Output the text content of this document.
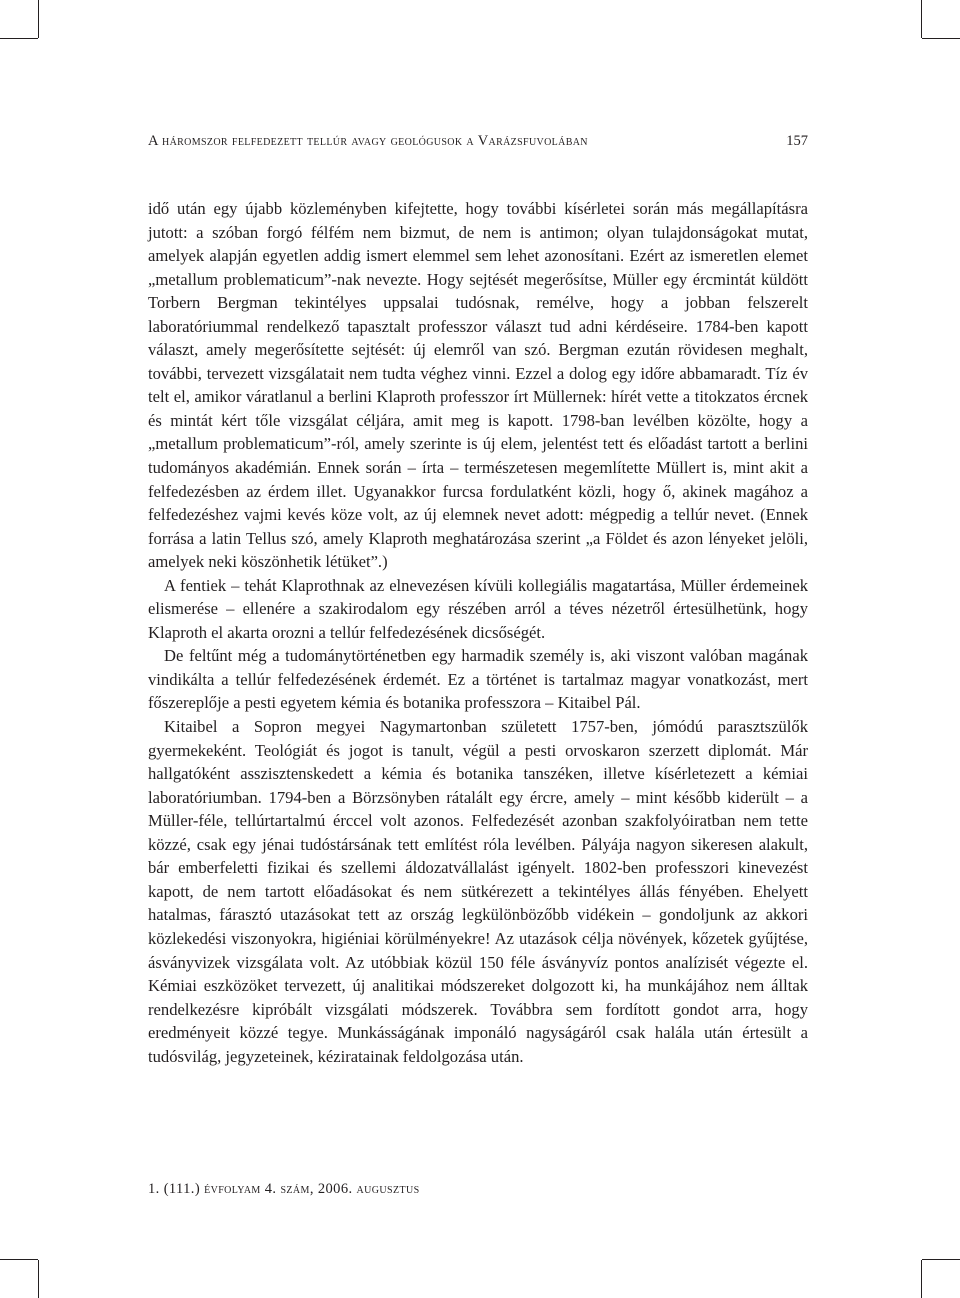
A háromszor felfedezett tellúr avagy geológusok a Varázsfuvolában	157

idő után egy újabb közleményben kifejtette, hogy további kísérletei során más megállapításra jutott: a szóban forgó félfém nem bizmut, de nem is antimon; olyan tulajdonságokat mutat, amelyek alapján egyetlen addig ismert elemmel sem lehet azonosítani. Ezért az ismeretlen elemet „metallum problematicum”-nak nevezte. Hogy sejtését megerősítse, Müller egy ércmintát küldött Torbern Bergman tekintélyes uppsalai tudósnak, remélve, hogy a jobban felszerelt laboratóriummal rendelkező tapasztalt professzor választ tud adni kérdéseire. 1784-ben kapott választ, amely megerősítette sejtését: új elemről van szó. Bergman ezután rövidesen meghalt, további, tervezett vizsgálatait nem tudta véghez vinni. Ezzel a dolog egy időre abbamaradt. Tíz év telt el, amikor váratlanul a berlini Klaproth professzor írt Müllernek: hírét vette a titokzatos ércnek és mintát kért tőle vizsgálat céljára, amit meg is kapott. 1798-ban levélben közölte, hogy a „metallum problematicum”-ról, amely szerinte is új elem, jelentést tett és előadást tartott a berlini tudományos akadémián. Ennek során – írta – természetesen megemlítette Müllert is, mint akit a felfedezésben az érdem illet. Ugyanakkor furcsa fordulatként közli, hogy ő, akinek magához a felfedezéshez vajmi kevés köze volt, az új elemnek nevet adott: mégpedig a tellúr nevet. (Ennek forrása a latin Tellus szó, amely Klaproth meghatározása szerint „a Földet és azon lényeket jelöli, amelyek neki köszönhetik létüket”.)

A fentiek – tehát Klaprothnak az elnevezésen kívüli kollegiális magatartása, Müller érdemeinek elismerése – ellenére a szakirodalom egy részében arról a téves nézetről értesülhetünk, hogy Klaproth el akarta orozni a tellúr felfedezésének dicsőségét.

De feltűnt még a tudománytörténetben egy harmadik személy is, aki viszont valóban magának vindikálta a tellúr felfedezésének érdemét. Ez a történet is tartalmaz magyar vonatkozást, mert főszereplője a pesti egyetem kémia és botanika professzora – Kitaibel Pál.

Kitaibel a Sopron megyei Nagymartonban született 1757-ben, jómódú parasztszülők gyermekeként. Teológiát és jogot is tanult, végül a pesti orvoskaron szerzett diplomát. Már hallgatóként asszisztenskedett a kémia és botanika tanszéken, illetve kísérletezett a kémiai laboratóriumban. 1794-ben a Börzsönyben rátalált egy ércre, amely – mint később kiderült – a Müller-féle, tellúrtartalmú érccel volt azonos. Felfedezését azonban szakfolyóiratban nem tette közzé, csak egy jénai tudóstársának tett említést róla levélben. Pályája nagyon sikeresen alakult, bár emberfeletti fizikai és szellemi áldozatvállalást igényelt. 1802-ben professzori kinevezést kapott, de nem tartott előadásokat és nem sütkérezett a tekintélyes állás fényében. Ehelyett hatalmas, fárasztó utazásokat tett az ország legkülönbözőbb vidékein – gondoljunk az akkori közlekedési viszonyokra, higiéniai körülményekre! Az utazások célja növények, kőzetek gyűjtése, ásványvizek vizsgálata volt. Az utóbbiak közül 150 féle ásványvíz pontos analízisét végezte el. Kémiai eszközöket tervezett, új analitikai módszereket dolgozott ki, ha munkájához nem álltak rendelkezésre kipróbált vizsgálati módszerek. Továbbra sem fordított gondot arra, hogy eredményeit közzé tegye. Munkásságának imponáló nagyságáról csak halála után értesült a tudósvilág, jegyzeteinek, kéziratainak feldolgozása után.

1. (111.) évfolyam 4. szám, 2006. augusztus
